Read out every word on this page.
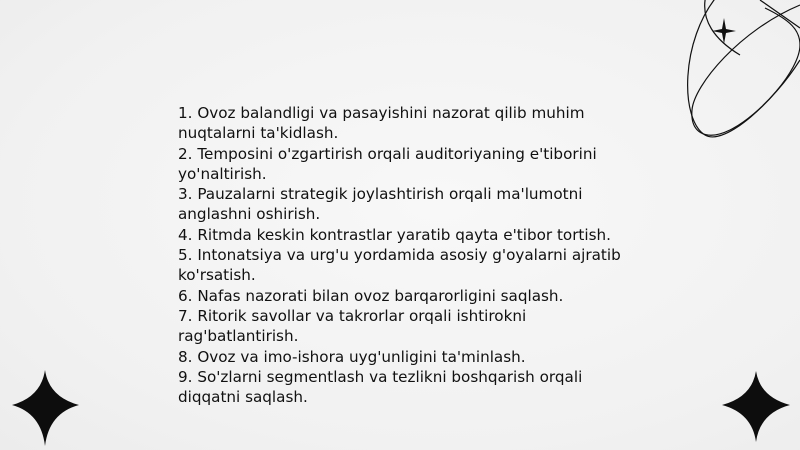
1. Ovoz balandligi va pasayishini nazorat qilib muhim nuqtalarni ta'kidlash.

2. Temposini o'zgartirish orqali auditoriyaning e'tiborini yo'naltirish.

3. Pauzalarni strategik joylashtirish orqali ma'lumotni anglashni oshirish.

4. Ritmda keskin kontrastlar yaratib qayta e'tibor tortish.

5. Intonatsiya va urg'u yordamida asosiy g'oyalarni ajratib ko'rsatish.

6. Nafas nazorati bilan ovoz barqarorligini saqlash.

7. Ritorik savollar va takrorlar orqali ishtirokni rag'batlantirish.

8. Ovoz va imo-ishora uyg'unligini ta'minlash.

9. So'zlarni segmentlash va tezlikni boshqarish orqali diqqatni saqlash.
